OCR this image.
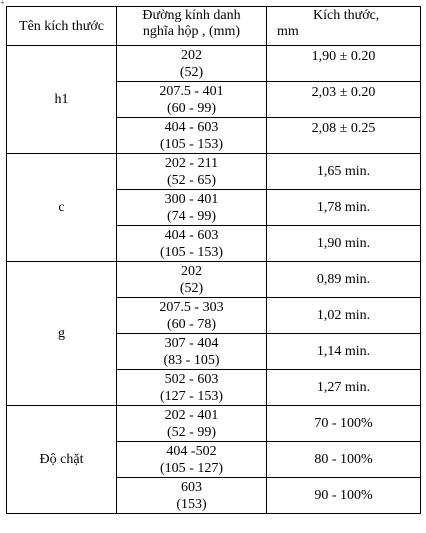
+
Tên kích thước	Đường kính danh
nghĩa hộp , (mm)	Kích thước,
mm

h1	202
(52)	1,90 ± 0.20

	207.5 - 401
(60 - 99)	2,03 ± 0.20

	404 - 603
(105 - 153)	2,08 ± 0.25
c	202 - 211
(52 - 65)	1,65 min.

	300 - 401
(74 - 99)	1,78 min.

	404 - 603
(105 - 153)	1,90 min.
g	202
(52)	0,89 min.

	207.5 - 303
(60 - 78)	1,02 min.

	307 - 404
(83 - 105)	1,14 min.

	502 - 603
(127 - 153)	1,27 min.
Độ chặt	202 - 401
(52 - 99)	70 - 100%

	404 -502
(105 - 127)	80 - 100%

	603
(153)	90 - 100%
